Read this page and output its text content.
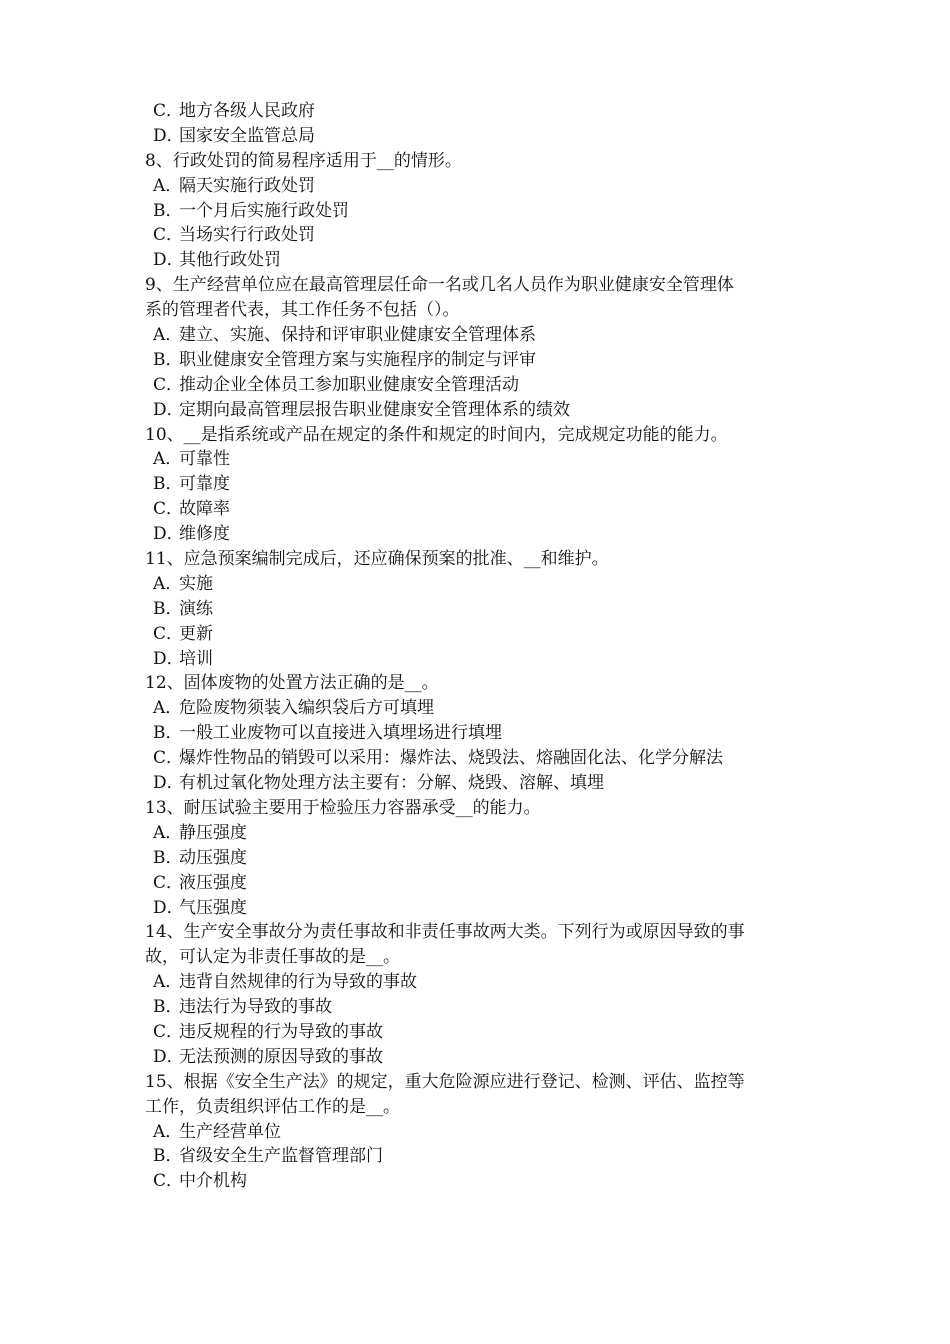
C．地方各级人民政府
D．国家安全监管总局
8、行政处罚的简易程序适用于__的情形。
A．隔天实施行政处罚
B．一个月后实施行政处罚
C．当场实行行政处罚
D．其他行政处罚
9、生产经营单位应在最高管理层任命一名或几名人员作为职业健康安全管理体
系的管理者代表，其工作任务不包括（）。
A．建立、实施、保持和评审职业健康安全管理体系
B．职业健康安全管理方案与实施程序的制定与评审
C．推动企业全体员工参加职业健康安全管理活动
D．定期向最高管理层报告职业健康安全管理体系的绩效
10、__是指系统或产品在规定的条件和规定的时间内，完成规定功能的能力。
A．可靠性
B．可靠度
C．故障率
D．维修度
11、应急预案编制完成后，还应确保预案的批准、__和维护。
A．实施
B．演练
C．更新
D．培训
12、固体废物的处置方法正确的是__。
A．危险废物须装入编织袋后方可填埋
B．一般工业废物可以直接进入填埋场进行填埋
C．爆炸性物品的销毁可以采用：爆炸法、烧毁法、熔融固化法、化学分解法
D．有机过氧化物处理方法主要有：分解、烧毁、溶解、填埋
13、耐压试验主要用于检验压力容器承受__的能力。
A．静压强度
B．动压强度
C．液压强度
D．气压强度
14、生产安全事故分为责任事故和非责任事故两大类。下列行为或原因导致的事
故，可认定为非责任事故的是__。
A．违背自然规律的行为导致的事故
B．违法行为导致的事故
C．违反规程的行为导致的事故
D．无法预测的原因导致的事故
15、根据《安全生产法》的规定，重大危险源应进行登记、检测、评估、监控等
工作，负责组织评估工作的是__。
A．生产经营单位
B．省级安全生产监督管理部门
C．中介机构
